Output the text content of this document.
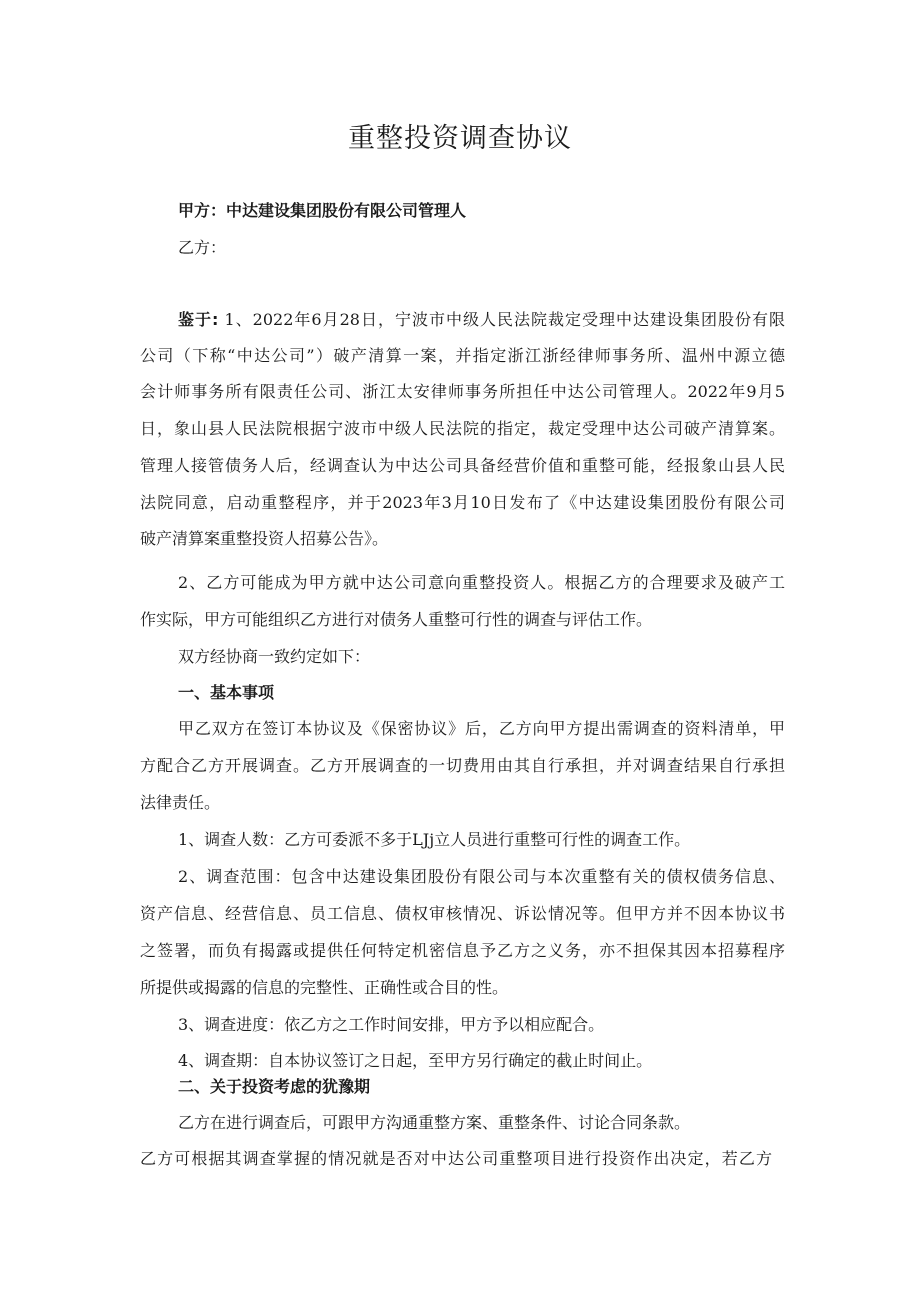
重整投资调查协议
甲方：中达建设集团股份有限公司管理人
乙方：
鉴于: 1、2022年6月28日，宁波市中级人民法院裁定受理中达建设集团股份有限
公司（下称“中达公司”）破产清算一案，并指定浙江浙经律师事务所、温州中源立德
会计师事务所有限责任公司、浙江太安律师事务所担任中达公司管理人。2022年9月5
日，象山县人民法院根据宁波市中级人民法院的指定，裁定受理中达公司破产清算案。
管理人接管债务人后，经调查认为中达公司具备经营价值和重整可能，经报象山县人民
法院同意，启动重整程序，并于2023年3月10日发布了《中达建设集团股份有限公司
破产清算案重整投资人招募公告》。
2、乙方可能成为甲方就中达公司意向重整投资人。根据乙方的合理要求及破产工
作实际，甲方可能组织乙方进行对债务人重整可行性的调查与评估工作。
双方经协商一致约定如下：
一、基本事项
甲乙双方在签订本协议及《保密协议》后，乙方向甲方提出需调查的资料清单，甲
方配合乙方开展调查。乙方开展调查的一切费用由其自行承担，并对调查结果自行承担
法律责任。
1、调查人数：乙方可委派不多于LJj立人员进行重整可行性的调查工作。
2、调查范围：包含中达建设集团股份有限公司与本次重整有关的债权债务信息、
资产信息、经营信息、员工信息、债权审核情况、诉讼情况等。但甲方并不因本协议书
之签署，而负有揭露或提供任何特定机密信息予乙方之义务，亦不担保其因本招募程序
所提供或揭露的信息的完整性、正确性或合目的性。
3、调查进度：依乙方之工作时间安排，甲方予以相应配合。
4、调查期：自本协议签订之日起，至甲方另行确定的截止时间止。
二、关于投资考虑的犹豫期
乙方在进行调查后，可跟甲方沟通重整方案、重整条件、讨论合同条款。
乙方可根据其调查掌握的情况就是否对中达公司重整项目进行投资作出决定，若乙方
